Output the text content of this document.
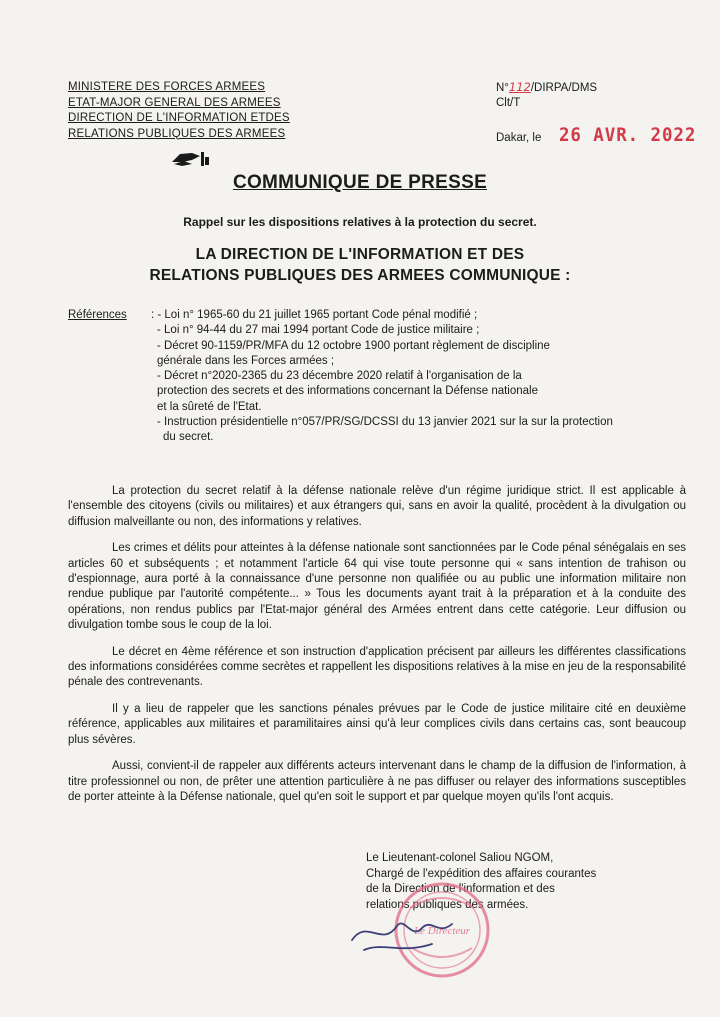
MINISTERE DES FORCES ARMEES
ETAT-MAJOR GENERAL DES ARMEES
DIRECTION DE L'INFORMATION ETDES
RELATIONS PUBLIQUES DES ARMEES
N°112/DIRPA/DMS
Clt/T
Dakar, le 26 AVR. 2022
COMMUNIQUE DE PRESSE
Rappel sur les dispositions relatives à la protection du secret.
LA DIRECTION DE L'INFORMATION ET DES
RELATIONS PUBLIQUES DES ARMEES COMMUNIQUE :
Références : - Loi n° 1965-60 du 21 juillet 1965 portant Code pénal modifié ;
- Loi n° 94-44 du 27 mai 1994 portant Code de justice militaire ;
- Décret 90-1159/PR/MFA du 12 octobre 1900 portant règlement de discipline
générale dans les Forces armées ;
- Décret n°2020-2365 du 23 décembre 2020 relatif à l'organisation de la
protection des secrets et des informations concernant la Défense nationale
et la sûreté de l'Etat.
- Instruction présidentielle n°057/PR/SG/DCSSI du 13 janvier 2021 sur la sur la protection
du secret.

La protection du secret relatif à la défense nationale relève d'un régime juridique strict. Il est applicable à l'ensemble des citoyens (civils ou militaires) et aux étrangers qui, sans en avoir la qualité, procèdent à la divulgation ou diffusion malveillante ou non, des informations y relatives.

Les crimes et délits pour atteintes à la défense nationale sont sanctionnées par le Code pénal sénégalais en ses articles 60 et subséquents ; et notamment l'article 64 qui vise toute personne qui « sans intention de trahison ou d'espionnage, aura porté à la connaissance d'une personne non qualifiée ou au public une information militaire non rendue publique par l'autorité compétente... » Tous les documents ayant trait à la préparation et à la conduite des opérations, non rendus publics par l'Etat-major général des Armées entrent dans cette catégorie. Leur diffusion ou divulgation tombe sous le coup de la loi.

Le décret en 4ème référence et son instruction d'application précisent par ailleurs les différentes classifications des informations considérées comme secrètes et rappellent les dispositions relatives à la mise en jeu de la responsabilité pénale des contrevenants.

Il y a lieu de rappeler que les sanctions pénales prévues par le Code de justice militaire cité en deuxième référence, applicables aux militaires et paramilitaires ainsi qu'à leur complices civils dans certains cas, sont beaucoup plus sévères.

Aussi, convient-il de rappeler aux différents acteurs intervenant dans le champ de la diffusion de l'information, à titre professionnel ou non, de prêter une attention particulière à ne pas diffuser ou relayer des informations susceptibles de porter atteinte à la Défense nationale, quel qu'en soit le support et par quelque moyen qu'ils l'ont acquis.

Le Lieutenant-colonel Saliou NGOM,
Chargé de l'expédition des affaires courantes
de la Direction de l'information et des
relations publiques des armées.
Le Directeur
